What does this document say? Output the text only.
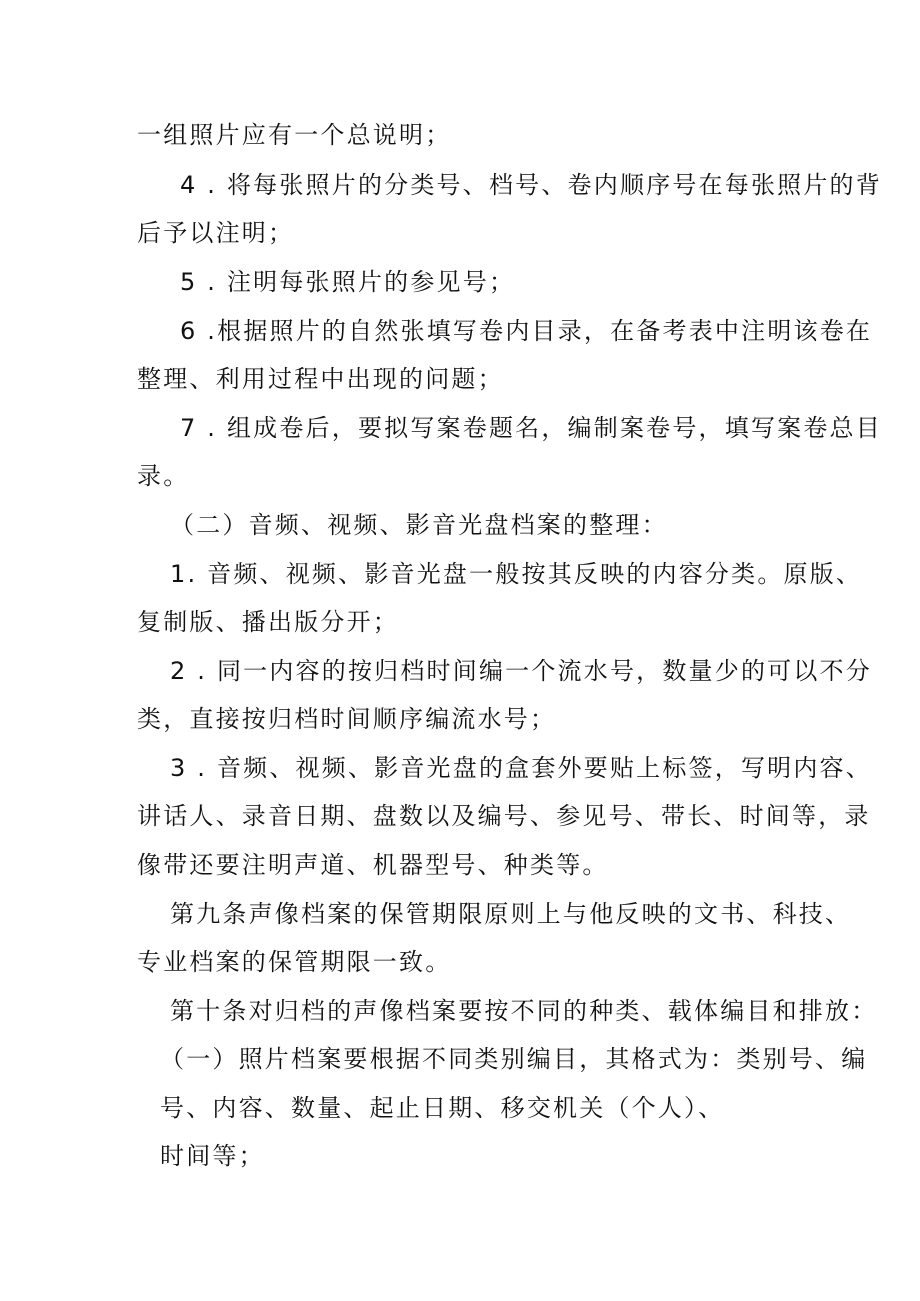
一组照片应有一个总说明；
4 . 将每张照片的分类号、档号、卷内顺序号在每张照片的背
后予以注明；
5 . 注明每张照片的参见号；
6 .根据照片的自然张填写卷内目录，在备考表中注明该卷在
整理、利用过程中出现的问题；
7 . 组成卷后，要拟写案卷题名，编制案卷号，填写案卷总目
录。
（二）音频、视频、影音光盘档案的整理：
1. 音频、视频、影音光盘一般按其反映的内容分类。原版、
复制版、播出版分开；
2 . 同一内容的按归档时间编一个流水号，数量少的可以不分
类，直接按归档时间顺序编流水号；
3 . 音频、视频、影音光盘的盒套外要贴上标签，写明内容、
讲话人、录音日期、盘数以及编号、参见号、带长、时间等，录
像带还要注明声道、机器型号、种类等。
第九条声像档案的保管期限原则上与他反映的文书、科技、
专业档案的保管期限一致。
第十条对归档的声像档案要按不同的种类、载体编目和排放：
（一）照片档案要根据不同类别编目，其格式为：类别号、编
号、内容、数量、起止日期、移交机关（个人）、
时间等；
